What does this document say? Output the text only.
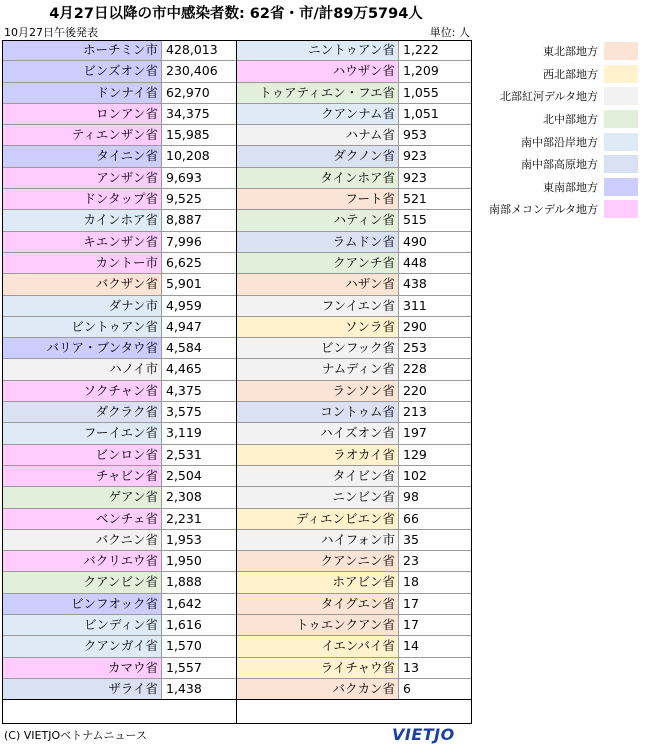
4月27日以降の市中感染者数: 62省・市/計89万5794人
10月27日午後発表	単位: 人
ホーチミン市 428,013
ビンズオン省 230,406
ドンナイ省 62,970
ロンアン省 34,375
ティエンザン省 15,985
タイニン省 10,208
アンザン省 9,693
ドンタップ省 9,525
カインホア省 8,887
キエンザン省 7,996
カントー市 6,625
バクザン省 5,901
ダナン市 4,959
ビントゥアン省 4,947
バリア・ブンタウ省 4,584
ハノイ市 4,465
ソクチャン省 4,375
ダクラク省 3,575
フーイエン省 3,119
ビンロン省 2,531
チャビン省 2,504
ゲアン省 2,308
ベンチェ省 2,231
バクニン省 1,953
バクリエウ省 1,950
クアンビン省 1,888
ビンフオック省 1,642
ビンディン省 1,616
クアンガイ省 1,570
カマウ省 1,557
ザライ省 1,438
ニントゥアン省 1,222
ハウザン省 1,209
トゥアティエン・フエ省 1,055
クアンナム省 1,051
ハナム省 953
ダクノン省 923
タインホア省 923
フート省 521
ハティン省 515
ラムドン省 490
クアンチ省 448
ハザン省 438
フンイエン省 311
ソンラ省 290
ビンフック省 253
ナムディン省 228
ランソン省 220
コントゥム省 213
ハイズオン省 197
ラオカイ省 129
タイビン省 102
ニンビン省 98
ディエンビエン省 66
ハイフォン市 35
クアンニン省 23
ホアビン省 18
タイグエン省 17
トゥエンクアン省 17
イエンバイ省 14
ライチャウ省 13
バクカン省 6
東北部地方
西北部地方
北部紅河デルタ地方
北中部地方
南中部沿岸地方
南中部高原地方
東南部地方
南部メコンデルタ地方
(C) VIETJOベトナムニュース	VIETJO
